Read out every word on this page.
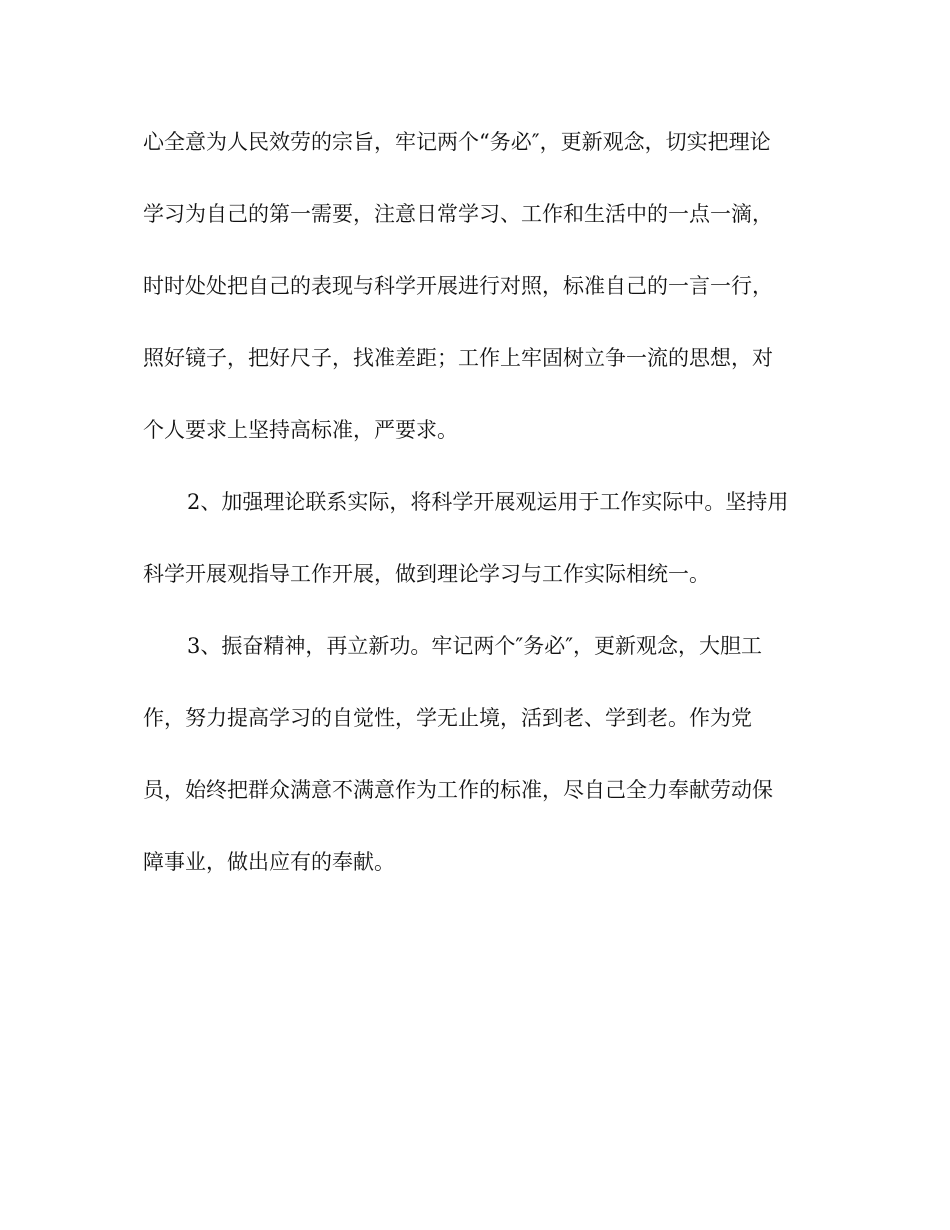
心全意为人民效劳的宗旨，牢记两个“务必″，更新观念，切实把理论
学习为自己的第一需要，注意日常学习、工作和生活中的一点一滴，
时时处处把自己的表现与科学开展进行对照，标准自己的一言一行，
照好镜子，把好尺子，找准差距；工作上牢固树立争一流的思想，对
个人要求上坚持高标准，严要求。
2、加强理论联系实际，将科学开展观运用于工作实际中。坚持用
科学开展观指导工作开展，做到理论学习与工作实际相统一。
3、振奋精神，再立新功。牢记两个″务必″，更新观念，大胆工
作，努力提高学习的自觉性，学无止境，活到老、学到老。作为党
员，始终把群众满意不满意作为工作的标准，尽自己全力奉献劳动保
障事业，做出应有的奉献。
